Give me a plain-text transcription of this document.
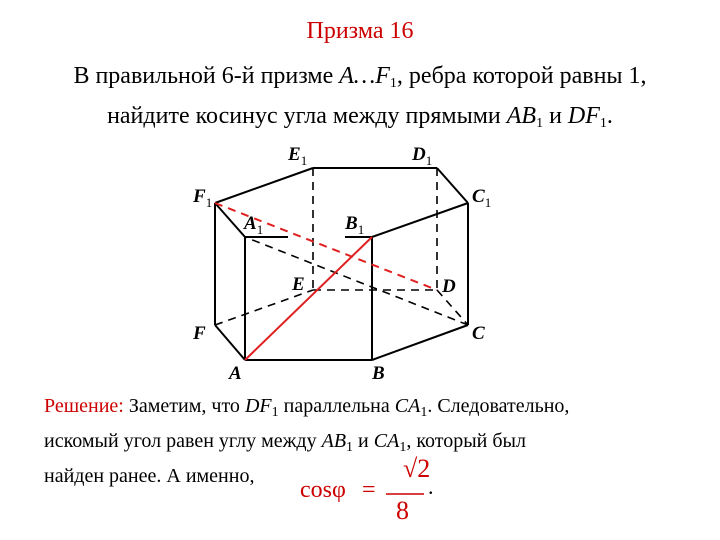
Призма 16
В правильной 6-й призме $A\dots F_1$, ребра которой равны 1,
найдите косинус угла между прямыми $AB_1$ и $DF_1$.
$E_1$	$D_1$
$F_1$	$C_1$
$A_1$	$B_1$
E	D
F	C
A	B
Решение: Заметим, что $DF_1$ параллельна $CA_1$. Следовательно,
искомый угол равен углу между $AB_1$ и $CA_1$, который был
найден ранее. А именно,
cosφ =
√2
8
.
